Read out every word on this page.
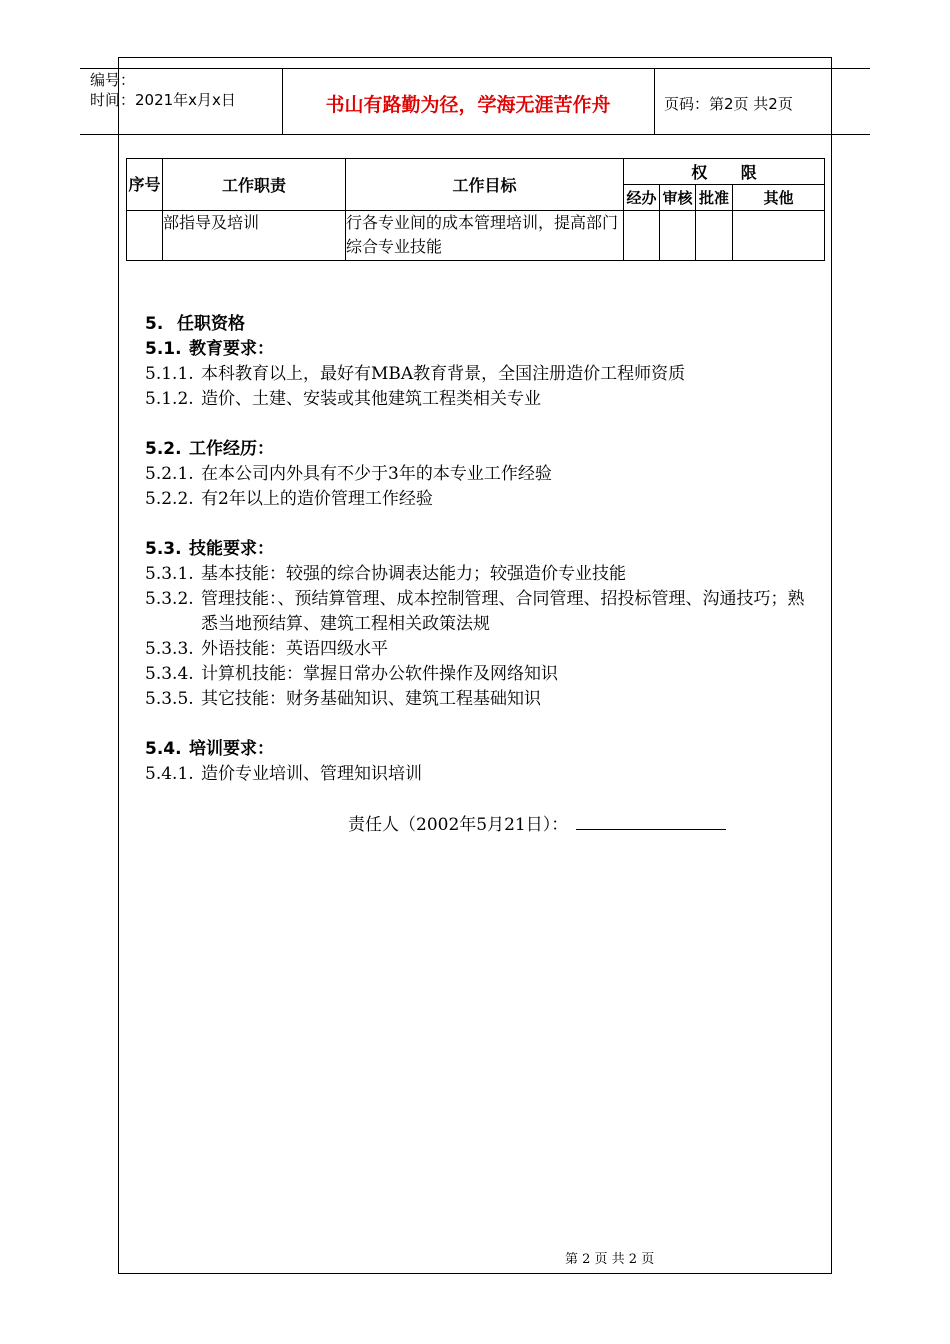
编号：
时间：2021年x月x日	书山有路勤为径，学海无涯苦作舟	页码：第2页 共2页
序号	工作职责	工作目标	权      限			
			经办	审核	批准	其他
	部指导及培训	行各专业间的成本管理培训，提高部门综合专业技能				
5. 任职资格
5.1. 教育要求：
5.1.1. 本科教育以上，最好有MBA教育背景，全国注册造价工程师资质
5.1.2. 造价、土建、安装或其他建筑工程类相关专业
5.2. 工作经历：
5.2.1. 在本公司内外具有不少于3年的本专业工作经验
5.2.2. 有2年以上的造价管理工作经验
5.3. 技能要求：
5.3.1. 基本技能：较强的综合协调表达能力；较强造价专业技能
5.3.2. 管理技能：、预结算管理、成本控制管理、合同管理、招投标管理、沟通技巧；熟悉当地预结算、建筑工程相关政策法规
5.3.3. 外语技能：英语四级水平
5.3.4. 计算机技能：掌握日常办公软件操作及网络知识
5.3.5. 其它技能：财务基础知识、建筑工程基础知识
5.4. 培训要求：
5.4.1. 造价专业培训、管理知识培训
责任人（2002年5月21日）：
第 2 页 共 2 页
